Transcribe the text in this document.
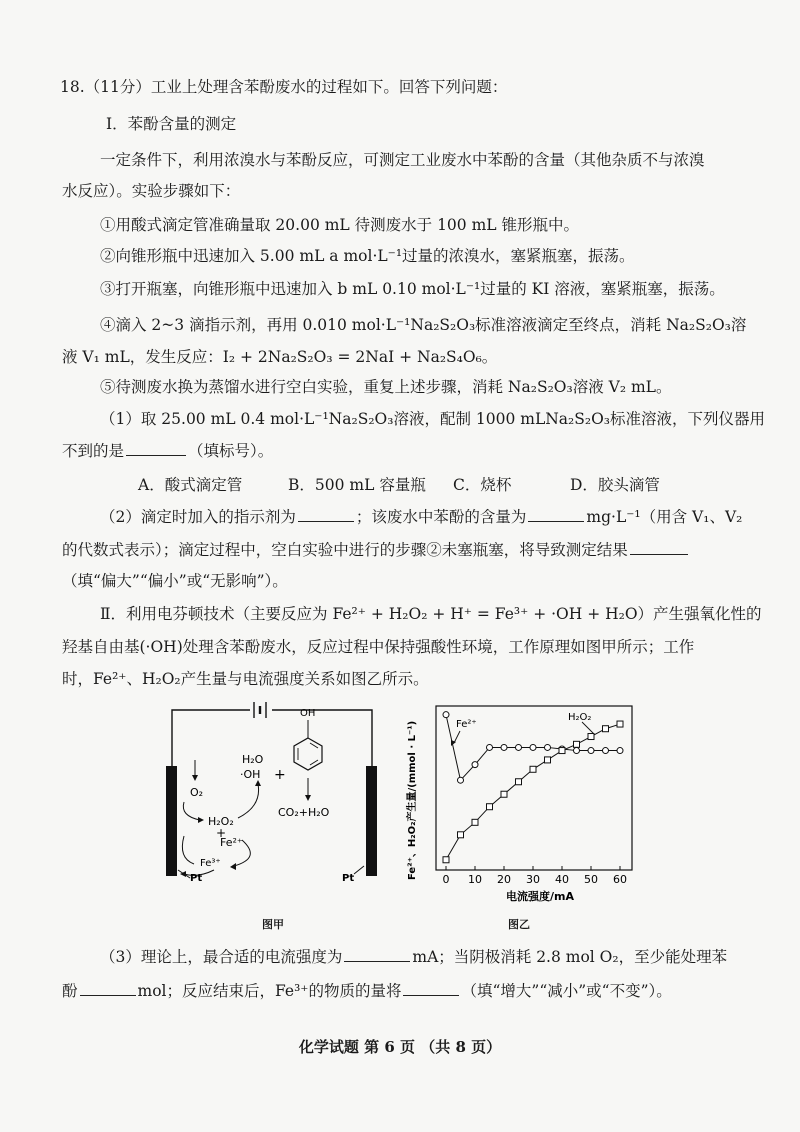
18.（11分）工业上处理含苯酚废水的过程如下。回答下列问题：
Ⅰ．苯酚含量的测定
一定条件下，利用浓溴水与苯酚反应，可测定工业废水中苯酚的含量（其他杂质不与浓溴
水反应）。实验步骤如下：
①用酸式滴定管准确量取 20.00 mL 待测废水于 100 mL 锥形瓶中。
②向锥形瓶中迅速加入 5.00 mL a mol·L⁻¹过量的浓溴水，塞紧瓶塞，振荡。
③打开瓶塞，向锥形瓶中迅速加入 b mL 0.10 mol·L⁻¹过量的 KI 溶液，塞紧瓶塞，振荡。
④滴入 2~3 滴指示剂，再用 0.010 mol·L⁻¹Na₂S₂O₃标准溶液滴定至终点，消耗 Na₂S₂O₃溶
液 V₁ mL，发生反应：I₂ + 2Na₂S₂O₃ = 2NaI + Na₂S₄O₆。
⑤待测废水换为蒸馏水进行空白实验，重复上述步骤，消耗 Na₂S₂O₃溶液 V₂ mL。
（1）取 25.00 mL 0.4 mol·L⁻¹Na₂S₂O₃溶液，配制 1000 mLNa₂S₂O₃标准溶液，下列仪器用
不到的是	（填标号）。
A．酸式滴定管	B．500 mL 容量瓶 C．烧杯	D．胶头滴管
（2）滴定时加入的指示剂为	；该废水中苯酚的含量为	mg·L⁻¹（用含 V₁、V₂
的代数式表示）；滴定过程中，空白实验中进行的步骤②未塞瓶塞，将导致测定结果
（填“偏大”“偏小”或“无影响”）。
Ⅱ．利用电芬顿技术（主要反应为 Fe²⁺ + H₂O₂ + H⁺ = Fe³⁺ + ·OH + H₂O）产生强氧化性的
羟基自由基(·OH)处理含苯酚废水，反应过程中保持强酸性环境，工作原理如图甲所示；工作
时，Fe²⁺、H₂O₂产生量与电流强度关系如图乙所示。
O₂
H₂O₂
+
Fe²⁺
Fe³⁺
H₂O
·OH +
OH
CO₂+H₂O
Pt	Pt
图甲
0 10 20 30 40 50 60
Fe²⁺、H₂O₂产生量/(mmol · L⁻¹)
电流强度/mA
Fe²⁺
H₂O₂
图乙
（3）理论上，最合适的电流强度为	mA；当阴极消耗 2.8 mol O₂，至少能处理苯
酚	mol；反应结束后，Fe³⁺的物质的量将	（填“增大”“减小”或“不变”）。
化学试题 第 6 页 （共 8 页）
